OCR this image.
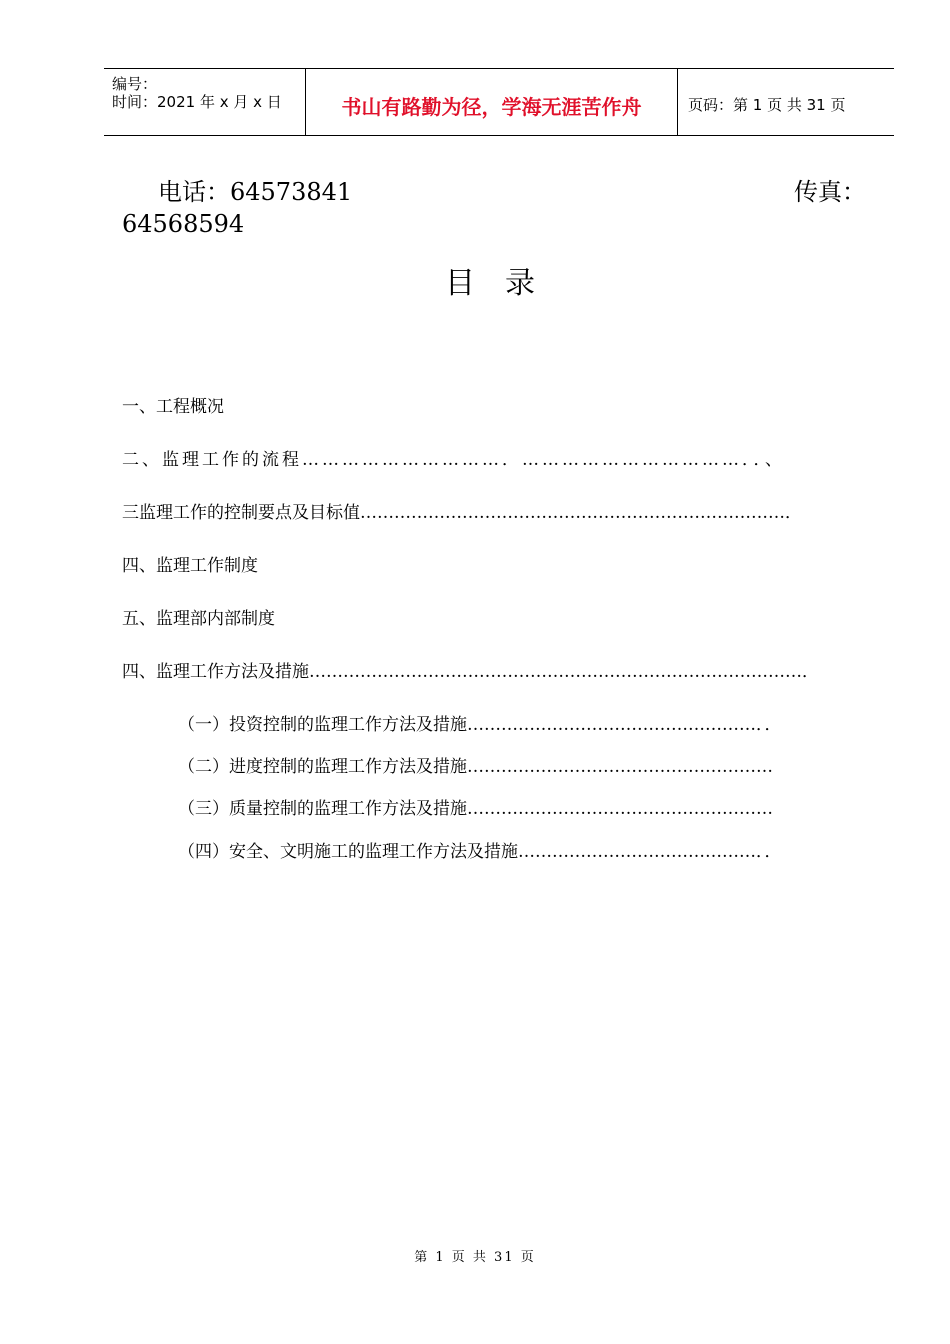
编号：
时间：2021 年 x 月 x 日	书山有路勤为径，学海无涯苦作舟	页码：第 1 页 共 31 页
电话：64573841	传真：
64568594
目录
一、工程概况
二、监理工作的流程…………………………．……………………………．．、
三监理工作的控制要点及目标值…………………………………………………………………．
四、监理工作制度
五、监理部内部制度
四、监理工作方法及措施……………………………………………………………………………．
（一）投资控制的监理工作方法及措施……………………………………………．．
（二）进度控制的监理工作方法及措施………………………………………………
（三）质量控制的监理工作方法及措施………………………………………………
（四）安全、文明施工的监理工作方法及措施……………………………………．．
第 1 页 共 31 页
